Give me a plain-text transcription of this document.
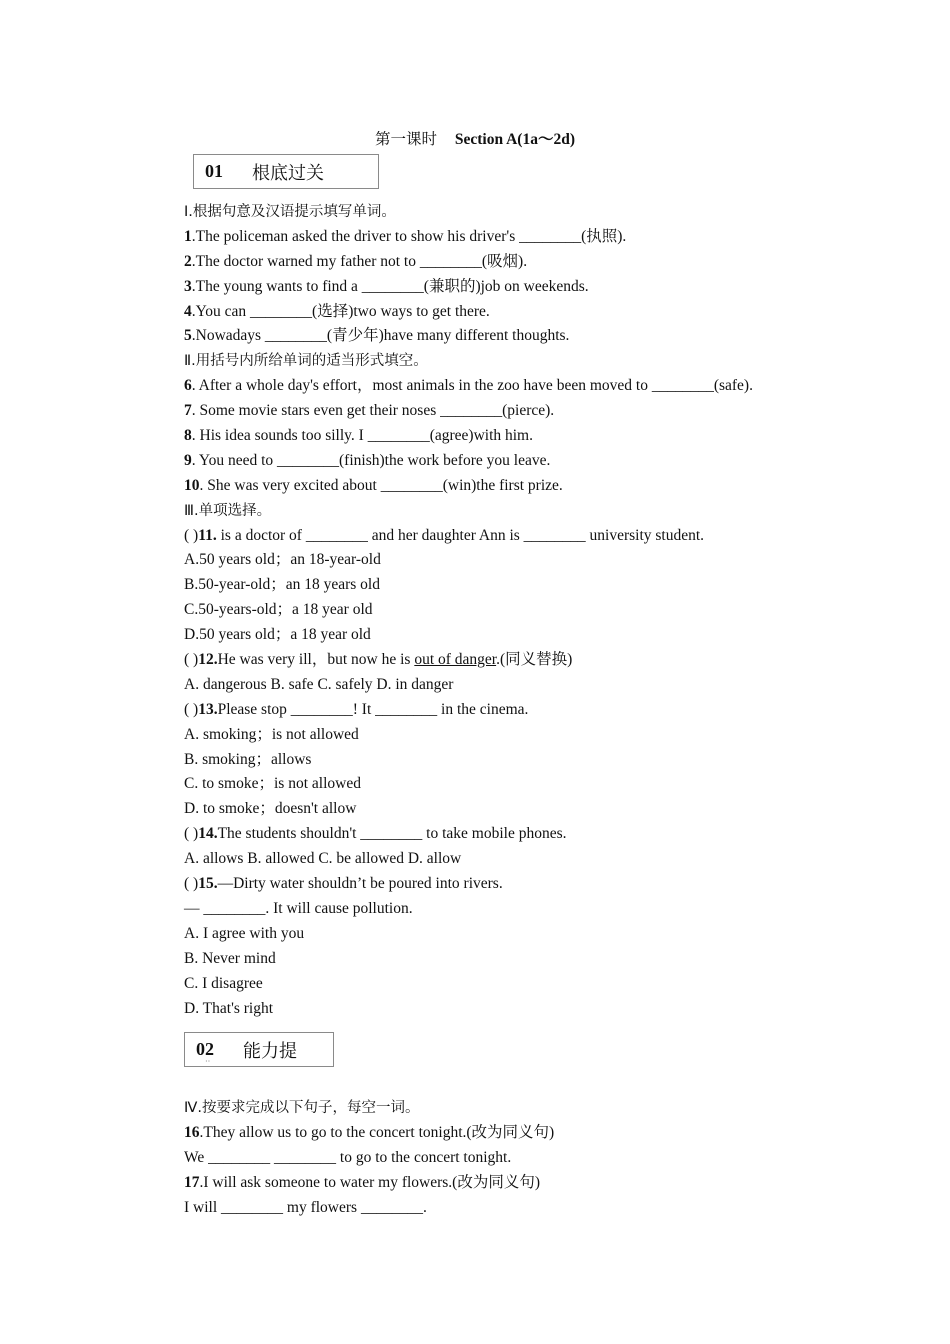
第一课时 Section A(1a～2d)
01	根底过关
Ⅰ.根据句意及汉语提示填写单词。
1.The policeman asked the driver to show his driver's ________(执照).
2.The doctor warned my father not to ________(吸烟).
3.The young wants to find a ________(兼职的)job on weekends.
4.You can ________(选择)two ways to get there.
5.Nowadays ________(青少年)have many different thoughts.
Ⅱ.用括号内所给单词的适当形式填空。
6. After a whole day's effort，most animals in the zoo have been moved to ________(safe).
7. Some movie stars even get their noses ________(pierce).
8. His idea sounds too silly. I ________(agree)with him.
9. You need to ________(finish)the work before you leave.
10. She was very excited about ________(win)the first prize.
Ⅲ.单项选择。
( )11. is a doctor of ________ and her daughter Ann is ________ university student.
A.50 years old；an 18-year-old
B.50-year-old；an 18 years old
C.50-years-old；a 18 year old
D.50 years old；a 18 year old
( )12.He was very ill，but now he is out of danger.(同义替换)
A. dangerous B. safe C. safely D. in danger
( )13.Please stop ________! It ________ in the cinema.
A. smoking；is not allowed
B. smoking；allows
C. to smoke；is not allowed
D. to smoke；doesn't allow
( )14.The students shouldn't ________ to take mobile phones.
A. allows B. allowed C. be allowed D. allow
( )15.—Dirty water shouldn’t be poured into rivers.
— ________. It will cause pollution.
A. I agree with you
B. Never mind
C. I disagree
D. That's right
02	能力提
··
Ⅳ.按要求完成以下句子，每空一词。
16.They allow us to go to the concert tonight.(改为同义句)
We ________ ________ to go to the concert tonight.
17.I will ask someone to water my flowers.(改为同义句)
I will ________ my flowers ________.
